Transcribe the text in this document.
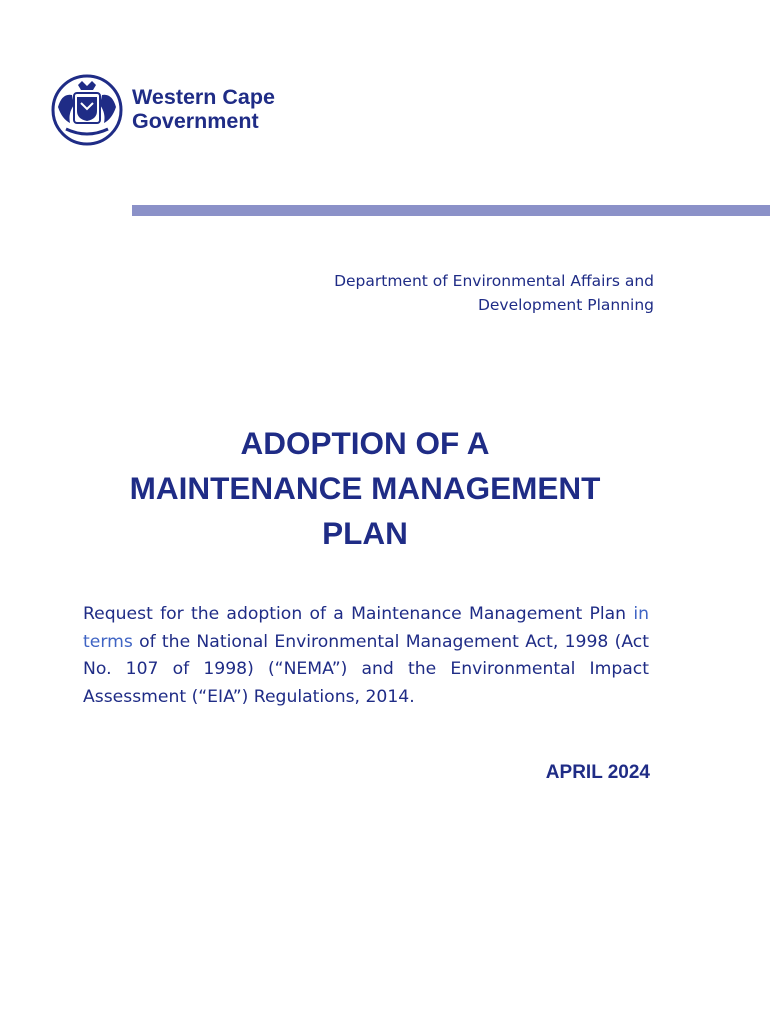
Western Cape
Government
Department of Environmental Affairs and
Development Planning
ADOPTION OF A
MAINTENANCE MANAGEMENT
PLAN
Request for the adoption of a Maintenance Management Plan in terms of the National Environmental Management Act, 1998 (Act No. 107 of 1998) (“NEMA”) and the Environmental Impact Assessment (“EIA”) Regulations, 2014.
APRIL 2024
